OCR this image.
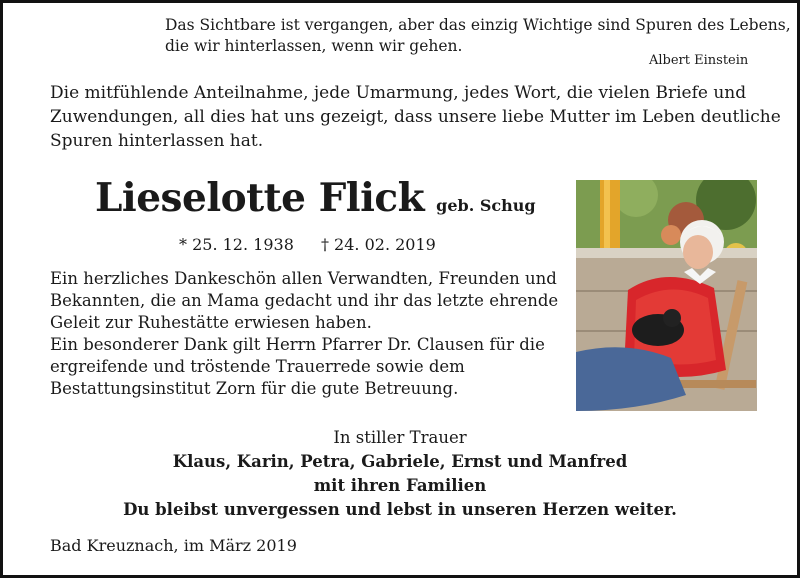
Das Sichtbare ist vergangen, aber das einzig Wichtige sind Spuren des Lebens,
die wir hinterlassen, wenn wir gehen.
Albert Einstein
Die mitfühlende Anteilnahme, jede Umarmung, jedes Wort, die vielen Briefe und
Zuwendungen, all dies hat uns gezeigt, dass unsere liebe Mutter im Leben deutliche
Spuren hinterlassen hat.
Lieselotte Flick geb. Schug
* 25. 12. 1938 † 24. 02. 2019
Ein herzliches Dankeschön allen Verwandten, Freunden und
Bekannten, die an Mama gedacht und ihr das letzte ehrende
Geleit zur Ruhestätte erwiesen haben.
Ein besonderer Dank gilt Herrn Pfarrer Dr. Clausen für die
ergreifende und tröstende Trauerrede sowie dem
Bestattungsinstitut Zorn für die gute Betreuung.
In stiller Trauer
Klaus, Karin, Petra, Gabriele, Ernst und Manfred
mit ihren Familien
Du bleibst unvergessen und lebst in unseren Herzen weiter.
Bad Kreuznach, im März 2019
